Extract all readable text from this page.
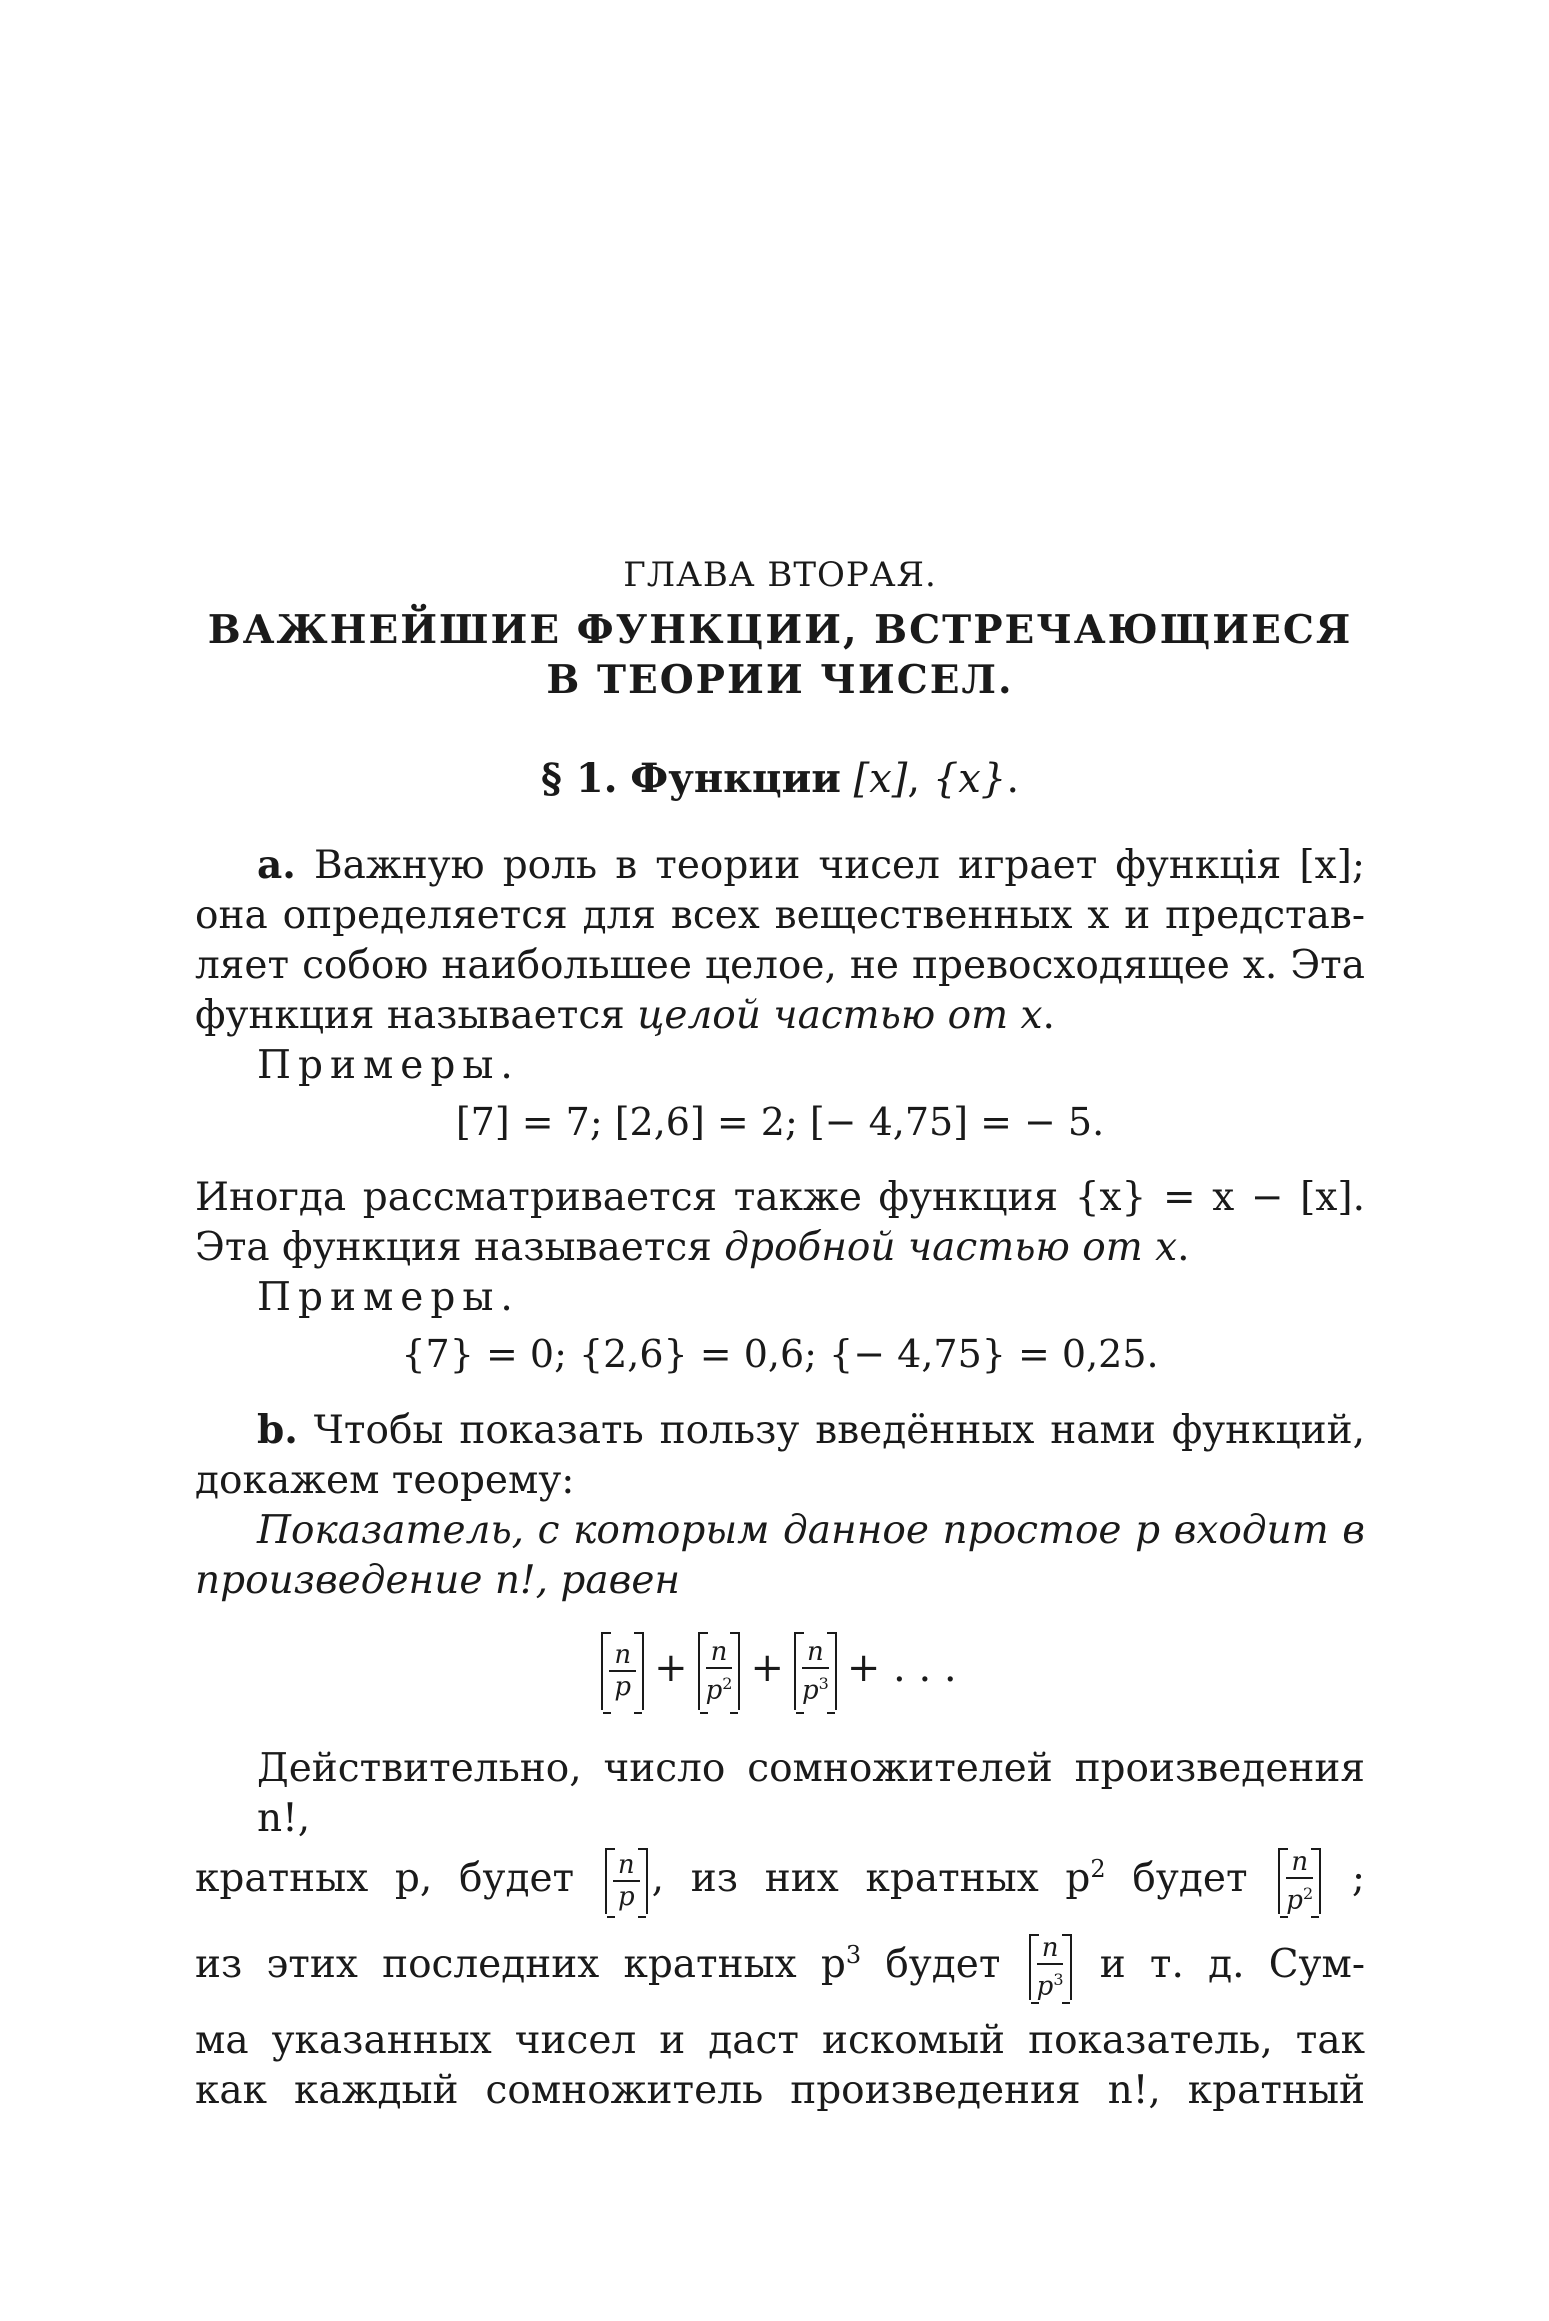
ГЛАВА ВТОРАЯ.
ВАЖНЕЙШИЕ ФУНКЦИИ, ВСТРЕЧАЮЩИЕСЯ
В ТЕОРИИ ЧИСЕЛ.
§ 1. Функции [x], {x}.
a. Важную роль в теории чисел играет функція [x];
она определяется для всех вещественных x и представ-
ляет собою наибольшее целое, не превосходящее x. Эта
функция называется целой частью от x.
Примеры.
[7] = 7; [2,6] = 2; [− 4,75] = − 5.
Иногда рассматривается также функция {x} = x − [x].
Эта функция называется дробной частью от x.
Примеры.
{7} = 0; {2,6} = 0,6; {− 4,75} = 0,25.
b. Чтобы показать пользу введённых нами функций,
докажем теорему:
Показатель, с которым данное простое p входит в
произведение n!, равен
$\frac{n}{p} + \frac{n}{p^2} + \frac{n}{p^3}$ + . . .
Действительно, число сомножителей произведения n!,
кратных p, будет $\frac{n}{p}$ , из них кратных $p^2$ будет $\frac{n}{p^2}$ ;
из этих последних кратных $p^3$ будет $\frac{n}{p^3}$ и т. д. Сум-
ма указанных чисел и даст искомый показатель, так
как каждый сомножитель произведения n!, кратный
